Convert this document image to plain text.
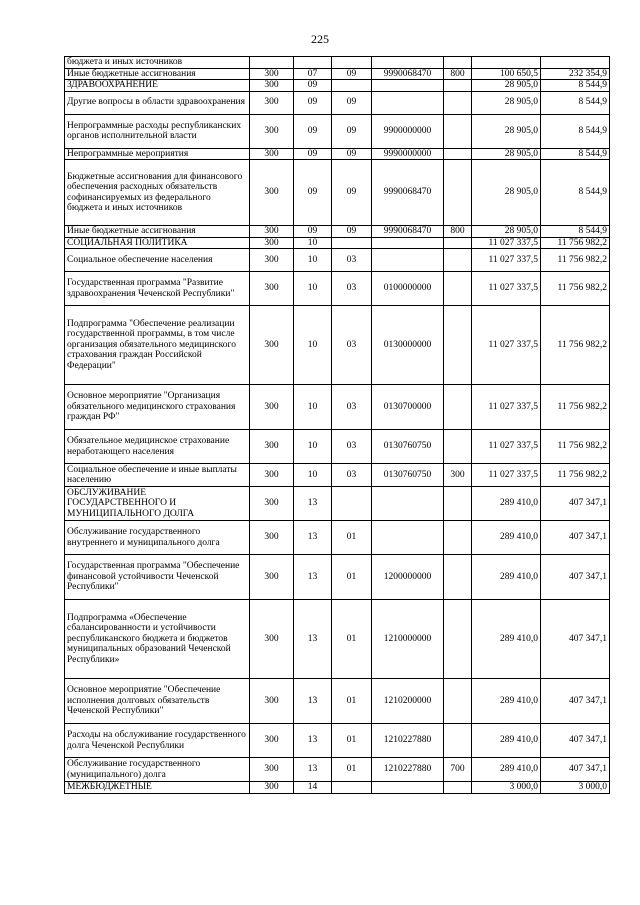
225
бюджета и иных источников							
Иные бюджетные ассигнования	300	07	09	9990068470	800	100 650,5	232 354,9
ЗДРАВООХРАНЕНИЕ	300	09				28 905,0	8 544,9
Другие вопросы в области здравоохранения	300	09	09			28 905,0	8 544,9
Непрограммные расходы республиканских органов исполнительной власти	300	09	09	9900000000		28 905,0	8 544,9
Непрограммные мероприятия	300	09	09	9990000000		28 905,0	8 544,9
Бюджетные ассигнования для финансового обеспечения расходных обязательств софинансируемых из федерального бюджета и иных источников	300	09	09	9990068470		28 905,0	8 544,9
Иные бюджетные ассигнования	300	09	09	9990068470	800	28 905,0	8 544,9
СОЦИАЛЬНАЯ ПОЛИТИКА	300	10				11 027 337,5	11 756 982,2
Социальное обеспечение населения	300	10	03			11 027 337,5	11 756 982,2
Государственная программа "Развитие здравоохранения Чеченской Республики"	300	10	03	0100000000		11 027 337,5	11 756 982,2
Подпрограмма "Обеспечение реализации государственной программы, в том числе организация обязательного медицинского страхования граждан Российской Федерации"	300	10	03	0130000000		11 027 337,5	11 756 982,2
Основное мероприятие "Организация обязательного медицинского страхования граждан РФ"	300	10	03	0130700000		11 027 337,5	11 756 982,2
Обязательное медицинское страхование неработающего населения	300	10	03	0130760750		11 027 337,5	11 756 982,2
Социальное обеспечение и иные выплаты населению	300	10	03	0130760750	300	11 027 337,5	11 756 982,2
ОБСЛУЖИВАНИЕ ГОСУДАРСТВЕННОГО И МУНИЦИПАЛЬНОГО ДОЛГА	300	13				289 410,0	407 347,1
Обслуживание государственного внутреннего и муниципального долга	300	13	01			289 410,0	407 347,1
Государственная программа "Обеспечение финансовой устойчивости Чеченской Республики"	300	13	01	1200000000		289 410,0	407 347,1
Подпрограмма «Обеспечение сбалансированности и устойчивости республиканского бюджета и бюджетов муниципальных образований Чеченской Республики»	300	13	01	1210000000		289 410,0	407 347,1
Основное мероприятие "Обеспечение исполнения долговых обязательств Чеченской Республики"	300	13	01	1210200000		289 410,0	407 347,1
Расходы на обслуживание государственного долга Чеченской Республики	300	13	01	1210227880		289 410,0	407 347,1
Обслуживание государственного (муниципального) долга	300	13	01	1210227880	700	289 410,0	407 347,1
МЕЖБЮДЖЕТНЫЕ	300	14				3 000,0	3 000,0
